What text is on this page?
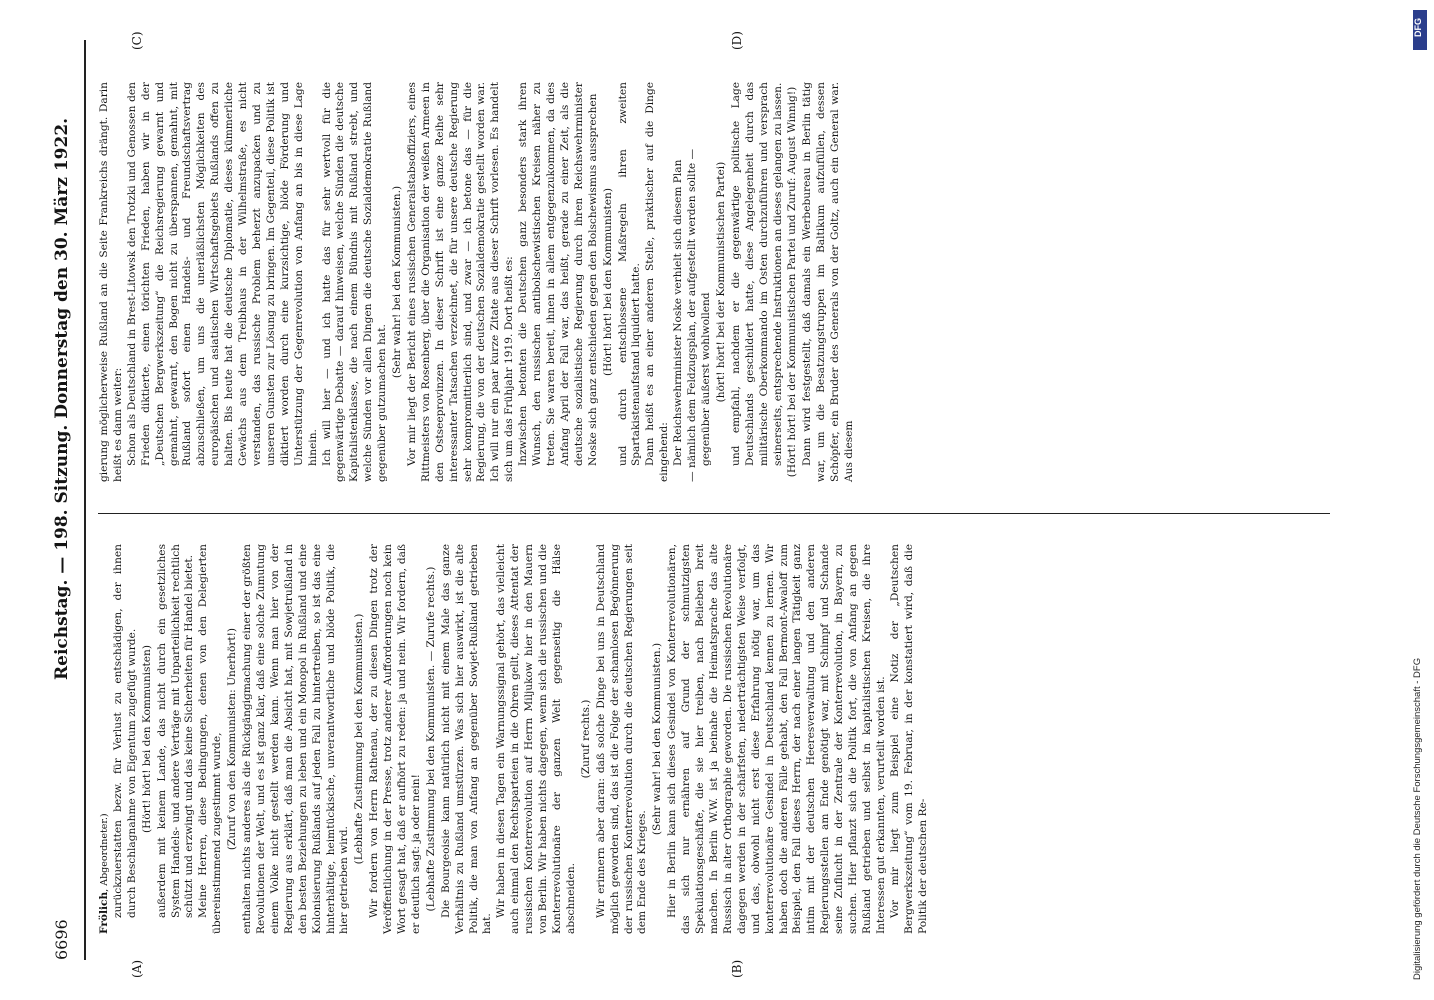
6696
Reichstag. — 198. Sitzung. Donnerstag den 30. März 1922.
(A)	(B)
(C)	(D)

Frölich, Abgeordneter.) zurückzuerstatten bezw. für Verlust zu entschädigen, der ihnen durch Beschlagnahme von Eigentum zugefügt wurde. (Hört! hört! bei den Kommunisten) außerdem mit keinem Lande, das nicht durch ein gesetzliches System Handels- und andere Verträge mit Unparteilichkeit rechtlich schützt und erzwingt und das keine Sicherheiten für Handel bietet. Meine Herren, diese Bedingungen, denen von den Delegierten übereinstimmend zugestimmt wurde, (Zuruf von den Kommunisten: Unerhört!) enthalten nichts anderes als die Rückgängigmachung einer der größten Revolutionen der Welt, und es ist ganz klar, daß eine solche Zumutung einem Volke nicht gestellt werden kann. Wenn man hier von der Regierung aus erklärt, daß man die Absicht hat, mit Sowjetrußland in den besten Beziehungen zu leben und ein Monopol in Rußland und eine Kolonisierung Rußlands auf jeden Fall zu hintertreiben, so ist das eine hinterhältige, heimtückische, unverantwortliche und blöde Politik, die hier getrieben wird.

(Lebhafte Zustimmung bei den Kommunisten.) Wir fordern von Herrn Rathenau, der zu diesen Dingen trotz der Veröffentlichung in der Presse, trotz anderer Aufforderungen noch kein Wort gesagt hat, daß er aufhört zu reden: ja und nein. Wir fordern, daß er deutlich sagt: ja oder nein! (Lebhafte Zustimmung bei den Kommunisten. — Zurufe rechts.) Die Bourgeoisie kann natürlich nicht mit einem Male das ganze Verhältnis zu Rußland umstürzen. Was sich hier auswirkt, ist die alte Politik, die man von Anfang an gegenüber Sowjet-Rußland getrieben hat.

Wir haben in diesen Tagen ein Warnungssignal gehört, das vielleicht auch einmal den Rechtsparteien in die Ohren gellt, dieses Attentat der russischen Konterrevolution auf Herrn Miljukow hier in den Mauern von Berlin. Wir haben nichts dagegen, wenn sich die russischen und die Konterrevolutionäre der ganzen Welt gegenseitig die Hälse abschneiden.

(Zuruf rechts.) Wir erinnern aber daran: daß solche Dinge bei uns in Deutschland möglich geworden sind, das ist die Folge der schamlosen Begönnerung der russischen Konterrevolution durch die deutschen Regierungen seit dem Ende des Krieges.

(Sehr wahr! bei den Kommunisten.) Hier in Berlin kann sich dieses Gesindel von Konterrevolutionären, das sich nur ernähren auf Grund der schmutzigsten Spekulationsgeschäfte, die sie hier treiben, nach Belieben breit machen. In Berlin W.W. ist ja beinahe die Heimatsprache das alte Russisch in alter Orthographie geworden. Die russischen Revolutionäre dagegen werden in der schärfsten, niederträchtigsten Weise verfolgt, und das, obwohl nicht erst diese Erfahrung nötig war, um das konterrevolutionäre Gesindel in Deutschland kennen zu lernen. Wir haben doch die anderen Fälle gehabt, den Fall Bermont-Awaloff zum Beispiel, den Fall dieses Herrn, der nach einer langen Tätigkeit ganz intim mit der deutschen Heeresverwaltung und den anderen Regierungsstellen am Ende genötigt war, mit Schimpf und Schande seine Zuflucht in der Zentrale der Konterrevolution, in Bayern, zu suchen. Hier pflanzt sich die Politik fort, die von Anfang an gegen Rußland getrieben und selbst in kapitalistischen Kreisen, die ihre Interessen gut erkannten, verurteilt worden ist. Vor mir liegt zum Beispiel eine Notiz der „Deutschen Bergwerkszeitung“ vom 19. Februar, in der konstatiert wird, daß die Politik der deutschen Re-

gierung möglicherweise Rußland an die Seite Frankreichs drängt. Darin heißt es dann weiter: Schon als Deutschland in Brest-Litowsk den Trotzki und Genossen den Frieden diktierte, einen törichten Frieden, haben wir in der „Deutschen Bergwerkszeitung“ die Reichsregierung gewarnt und gemahnt, gewarnt, den Bogen nicht zu überspannen, gemahnt, mit Rußland sofort einen Handels- und Freundschaftsvertrag abzuschließen, um uns die unerläßlichsten Möglichkeiten des europäischen und asiatischen Wirtschaftsgebiets Rußlands offen zu halten. Bis heute hat die deutsche Diplomatie, dieses kümmerliche Gewächs aus dem Treibhaus in der Wilhelmstraße, es nicht verstanden, das russische Problem beherzt anzupacken und zu unseren Gunsten zur Lösung zu bringen. Im Gegenteil, diese Politik ist diktiert worden durch eine kurzsichtige, blöde Förderung und Unterstützung der Gegenrevolution von Anfang an bis in diese Lage hinein. Ich will hier — und ich hatte das für sehr wertvoll für die gegenwärtige Debatte — darauf hinweisen, welche Sünden die deutsche Kapitalistenklasse, die nach einem Bündnis mit Rußland strebt, und welche Sünden vor allen Dingen die deutsche Sozialdemokratie Rußland gegenüber gutzumachen hat.

(Sehr wahr! bei den Kommunisten.) Vor mir liegt der Bericht eines russischen Generalstabsoffiziers, eines Rittmeisters von Rosenberg, über die Organisation der weißen Armeen in den Ostseeprovinzen. In dieser Schrift ist eine ganze Reihe sehr interessanter Tatsachen verzeichnet, die für unsere deutsche Regierung sehr kompromittierlich sind, und zwar — ich betone das — für die Regierung, die von der deutschen Sozialdemokratie gestellt worden war. Ich will nur ein paar kurze Zitate aus dieser Schrift vorlesen. Es handelt sich um das Frühjahr 1919. Dort heißt es: Inzwischen betonten die Deutschen ganz besonders stark ihren Wunsch, den russischen antibolschewistischen Kreisen näher zu treten. Sie waren bereit, ihnen in allem entgegenzukommen, da dies Anfang April der Fall war, das heißt, gerade zu einer Zeit, als die deutsche sozialistische Regierung durch ihren Reichswehrminister Noske sich ganz entschieden gegen den Bolschewismus aussprechen (Hört! hört! bei den Kommunisten) und durch entschlossene Maßregeln ihren zweiten Spartakistenaufstand liquidiert hatte. Dann heißt es an einer anderen Stelle, praktischer auf die Dinge eingehend: Der Reichswehrminister Noske verhielt sich diesem Plan — nämlich dem Feldzugsplan, der aufgestellt werden sollte — gegenüber äußerst wohlwollend (hört! hört! bei der Kommunistischen Partei) und empfahl, nachdem er die gegenwärtige politische Lage Deutschlands geschildert hatte, diese Angelegenheit durch das militärische Oberkommando im Osten durchzuführen und versprach seinerseits, entsprechende Instruktionen an dieses gelangen zu lassen. (Hört! hört! bei der Kommunistischen Partei und Zuruf: August Winnig!) Dann wird festgestellt, daß damals ein Werbebureau in Berlin tätig war, um die Besatzungstruppen im Baltikum aufzufüllen, dessen Schöpfer, ein Bruder des Generals von der Goltz, auch ein General war. Aus diesem

Digitalisierung gefördert durch die Deutsche Forschungsgemeinschaft - DFG
DFG
